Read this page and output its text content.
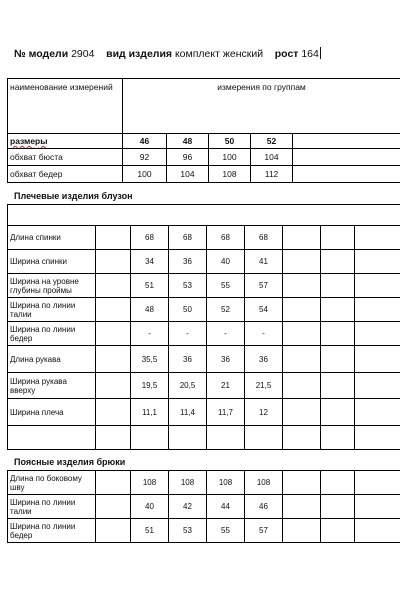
№ модели 2904 вид изделия комплект женский рост 164
наименование измерений	измерения по группам				
размеры	46	48	50	52	
обхват бюста	92	96	100	104	
обхват бедер	100	104	108	112	
Плечевые изделия блузон

Длина спинки		68	68	68	68			
Ширина спинки		34	36	40	41			
Ширина на уровне глубины проймы		51	53	55	57			
Ширина по линии талии		48	50	52	54			
Ширина по линии бедер		-	-	-	-			
Длина рукава		35,5	36	36	36			
Ширина рукава вверху		19,5	20,5	21	21,5			
Ширина плеча		11,1	11,4	11,7	12			

Поясные изделия брюки
Длина по боковому шву		108	108	108	108			
Ширина по линии талии		40	42	44	46			
Ширина по линии бедер		51	53	55	57			
